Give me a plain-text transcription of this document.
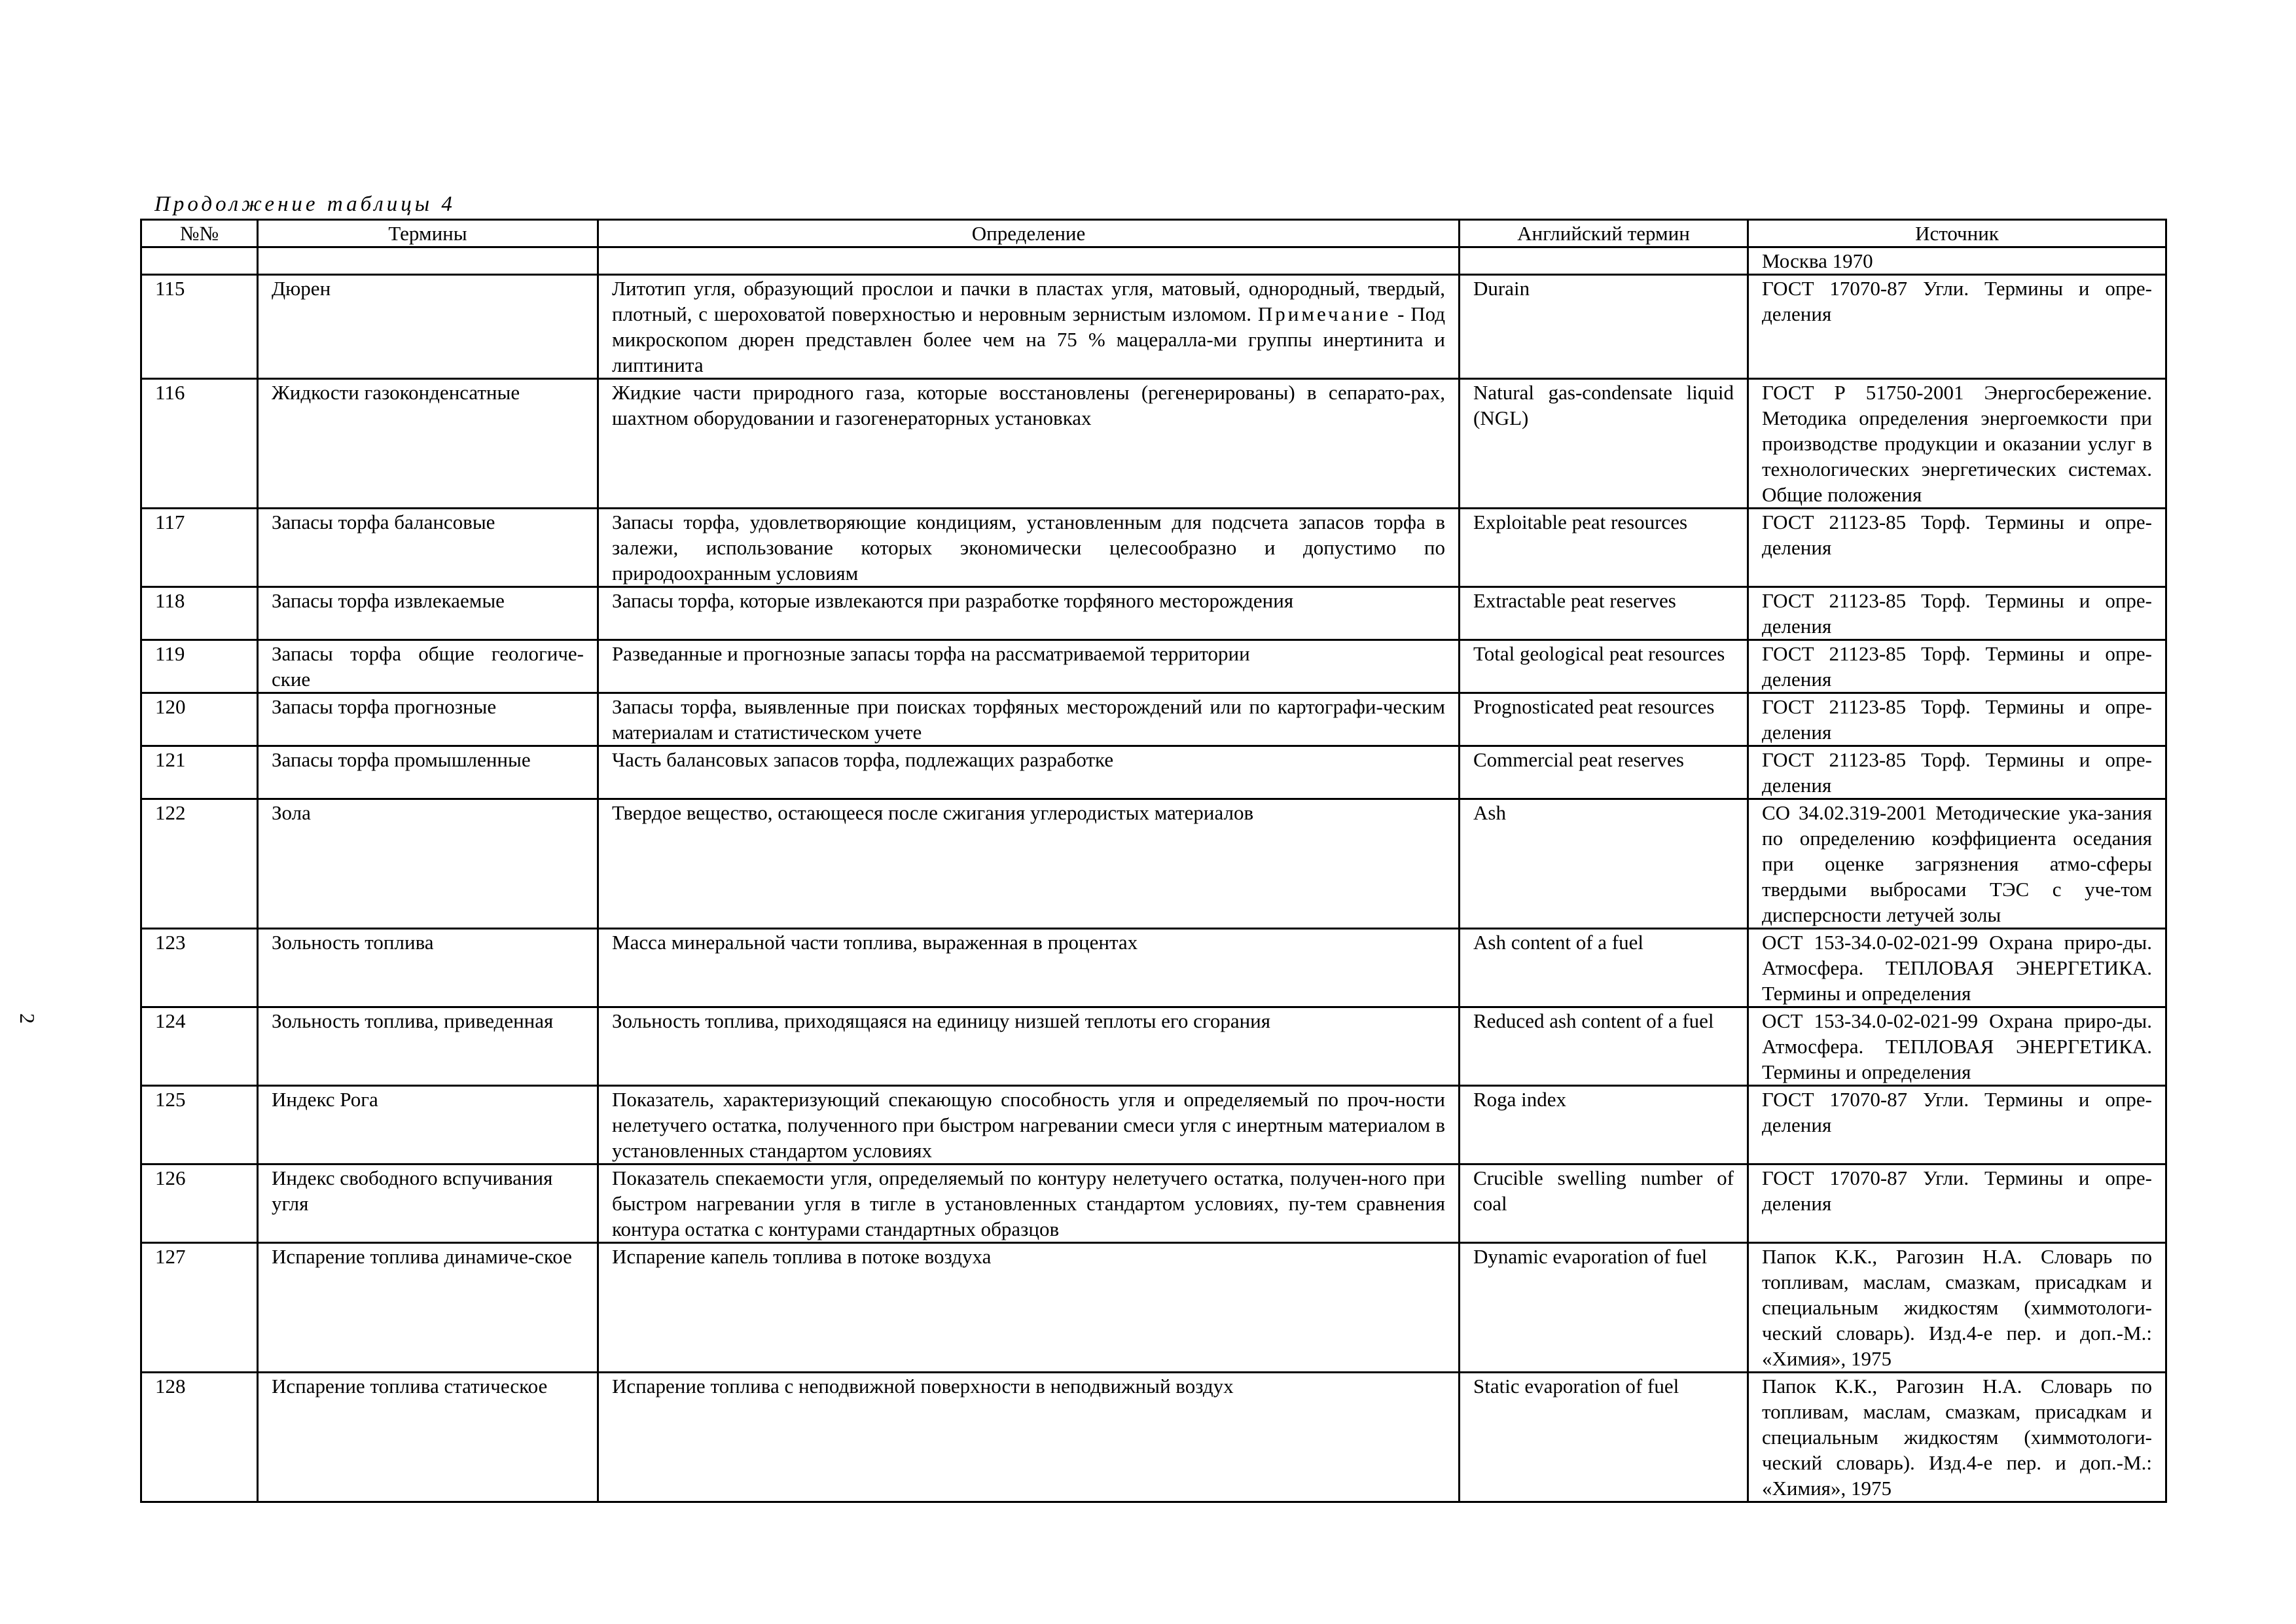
Продолжение таблицы 4
2
№№	Термины	Определение	Английский термин	Источник
				Москва 1970
115	Дюрен	Литотип угля, образующий прослои и пачки в пластах угля, матовый, однородный, твердый, плотный, с шероховатой поверхностью и неровным зернистым изломом. Примечание - Под микроскопом дюрен представлен более чем на 75 % мацералла-ми группы инертинита и липтинита	Durain	ГОСТ 17070-87 Угли. Термины и опре-деления
116	Жидкости газоконденсатные	Жидкие части природного газа, которые восстановлены (регенерированы) в сепарато-рах, шахтном оборудовании и газогенераторных установках	Natural gas-condensate liquid (NGL)	ГОСТ Р 51750-2001 Энергосбережение. Методика определения энергоемкости при производстве продукции и оказании услуг в технологических энергетических системах. Общие положения
117	Запасы торфа балансовые	Запасы торфа, удовлетворяющие кондициям, установленным для подсчета запасов торфа в залежи, использование которых экономически целесообразно и допустимо по природоохранным условиям	Exploitable peat resources	ГОСТ 21123-85 Торф. Термины и опре-деления
118	Запасы торфа извлекаемые	Запасы торфа, которые извлекаются при разработке торфяного месторождения	Extractable peat reserves	ГОСТ 21123-85 Торф. Термины и опре-деления
119	Запасы торфа общие геологиче-ские	Разведанные и прогнозные запасы торфа на рассматриваемой территории	Total geological peat resources	ГОСТ 21123-85 Торф. Термины и опре-деления
120	Запасы торфа прогнозные	Запасы торфа, выявленные при поисках торфяных месторождений или по картографи-ческим материалам и статистическом учете	Prognosticated peat resources	ГОСТ 21123-85 Торф. Термины и опре-деления
121	Запасы торфа промышленные	Часть балансовых запасов торфа, подлежащих разработке	Commercial peat reserves	ГОСТ 21123-85 Торф. Термины и опре-деления
122	Зола	Твердое вещество, остающееся после сжигания углеродистых материалов	Ash	СО 34.02.319-2001 Методические ука-зания по определению коэффициента оседания при оценке загрязнения атмо-сферы твердыми выбросами ТЭС с уче-том дисперсности летучей золы
123	Зольность топлива	Масса минеральной части топлива, выраженная в процентах	Ash content of a fuel	ОСТ 153-34.0-02-021-99 Охрана приро-ды. Атмосфера. ТЕПЛОВАЯ ЭНЕРГЕТИКА. Термины и определения
124	Зольность топлива, приведенная	Зольность топлива, приходящаяся на единицу низшей теплоты его сгорания	Reduced ash content of a fuel	ОСТ 153-34.0-02-021-99 Охрана приро-ды. Атмосфера. ТЕПЛОВАЯ ЭНЕРГЕТИКА. Термины и определения
125	Индекс Рога	Показатель, характеризующий спекающую способность угля и определяемый по проч-ности нелетучего остатка, полученного при быстром нагревании смеси угля с инертным материалом в установленных стандартом условиях	Roga index	ГОСТ 17070-87 Угли. Термины и опре-деления
126	Индекс свободного вспучивания угля	Показатель спекаемости угля, определяемый по контуру нелетучего остатка, получен-ного при быстром нагревании угля в тигле в установленных стандартом условиях, пу-тем сравнения контура остатка с контурами стандартных образцов	Crucible swelling number of coal	ГОСТ 17070-87 Угли. Термины и опре-деления
127	Испарение топлива динамиче-ское	Испарение капель топлива в потоке воздуха	Dynamic evaporation of fuel	Папок К.К., Рагозин Н.А. Словарь по топливам, маслам, смазкам, присадкам и специальным жидкостям (химмотологи-ческий словарь). Изд.4-е пер. и доп.-М.: «Химия», 1975
128	Испарение топлива статическое	Испарение топлива с неподвижной поверхности в неподвижный воздух	Static evaporation of fuel	Папок К.К., Рагозин Н.А. Словарь по топливам, маслам, смазкам, присадкам и специальным жидкостям (химмотологи-ческий словарь). Изд.4-е пер. и доп.-М.: «Химия», 1975
